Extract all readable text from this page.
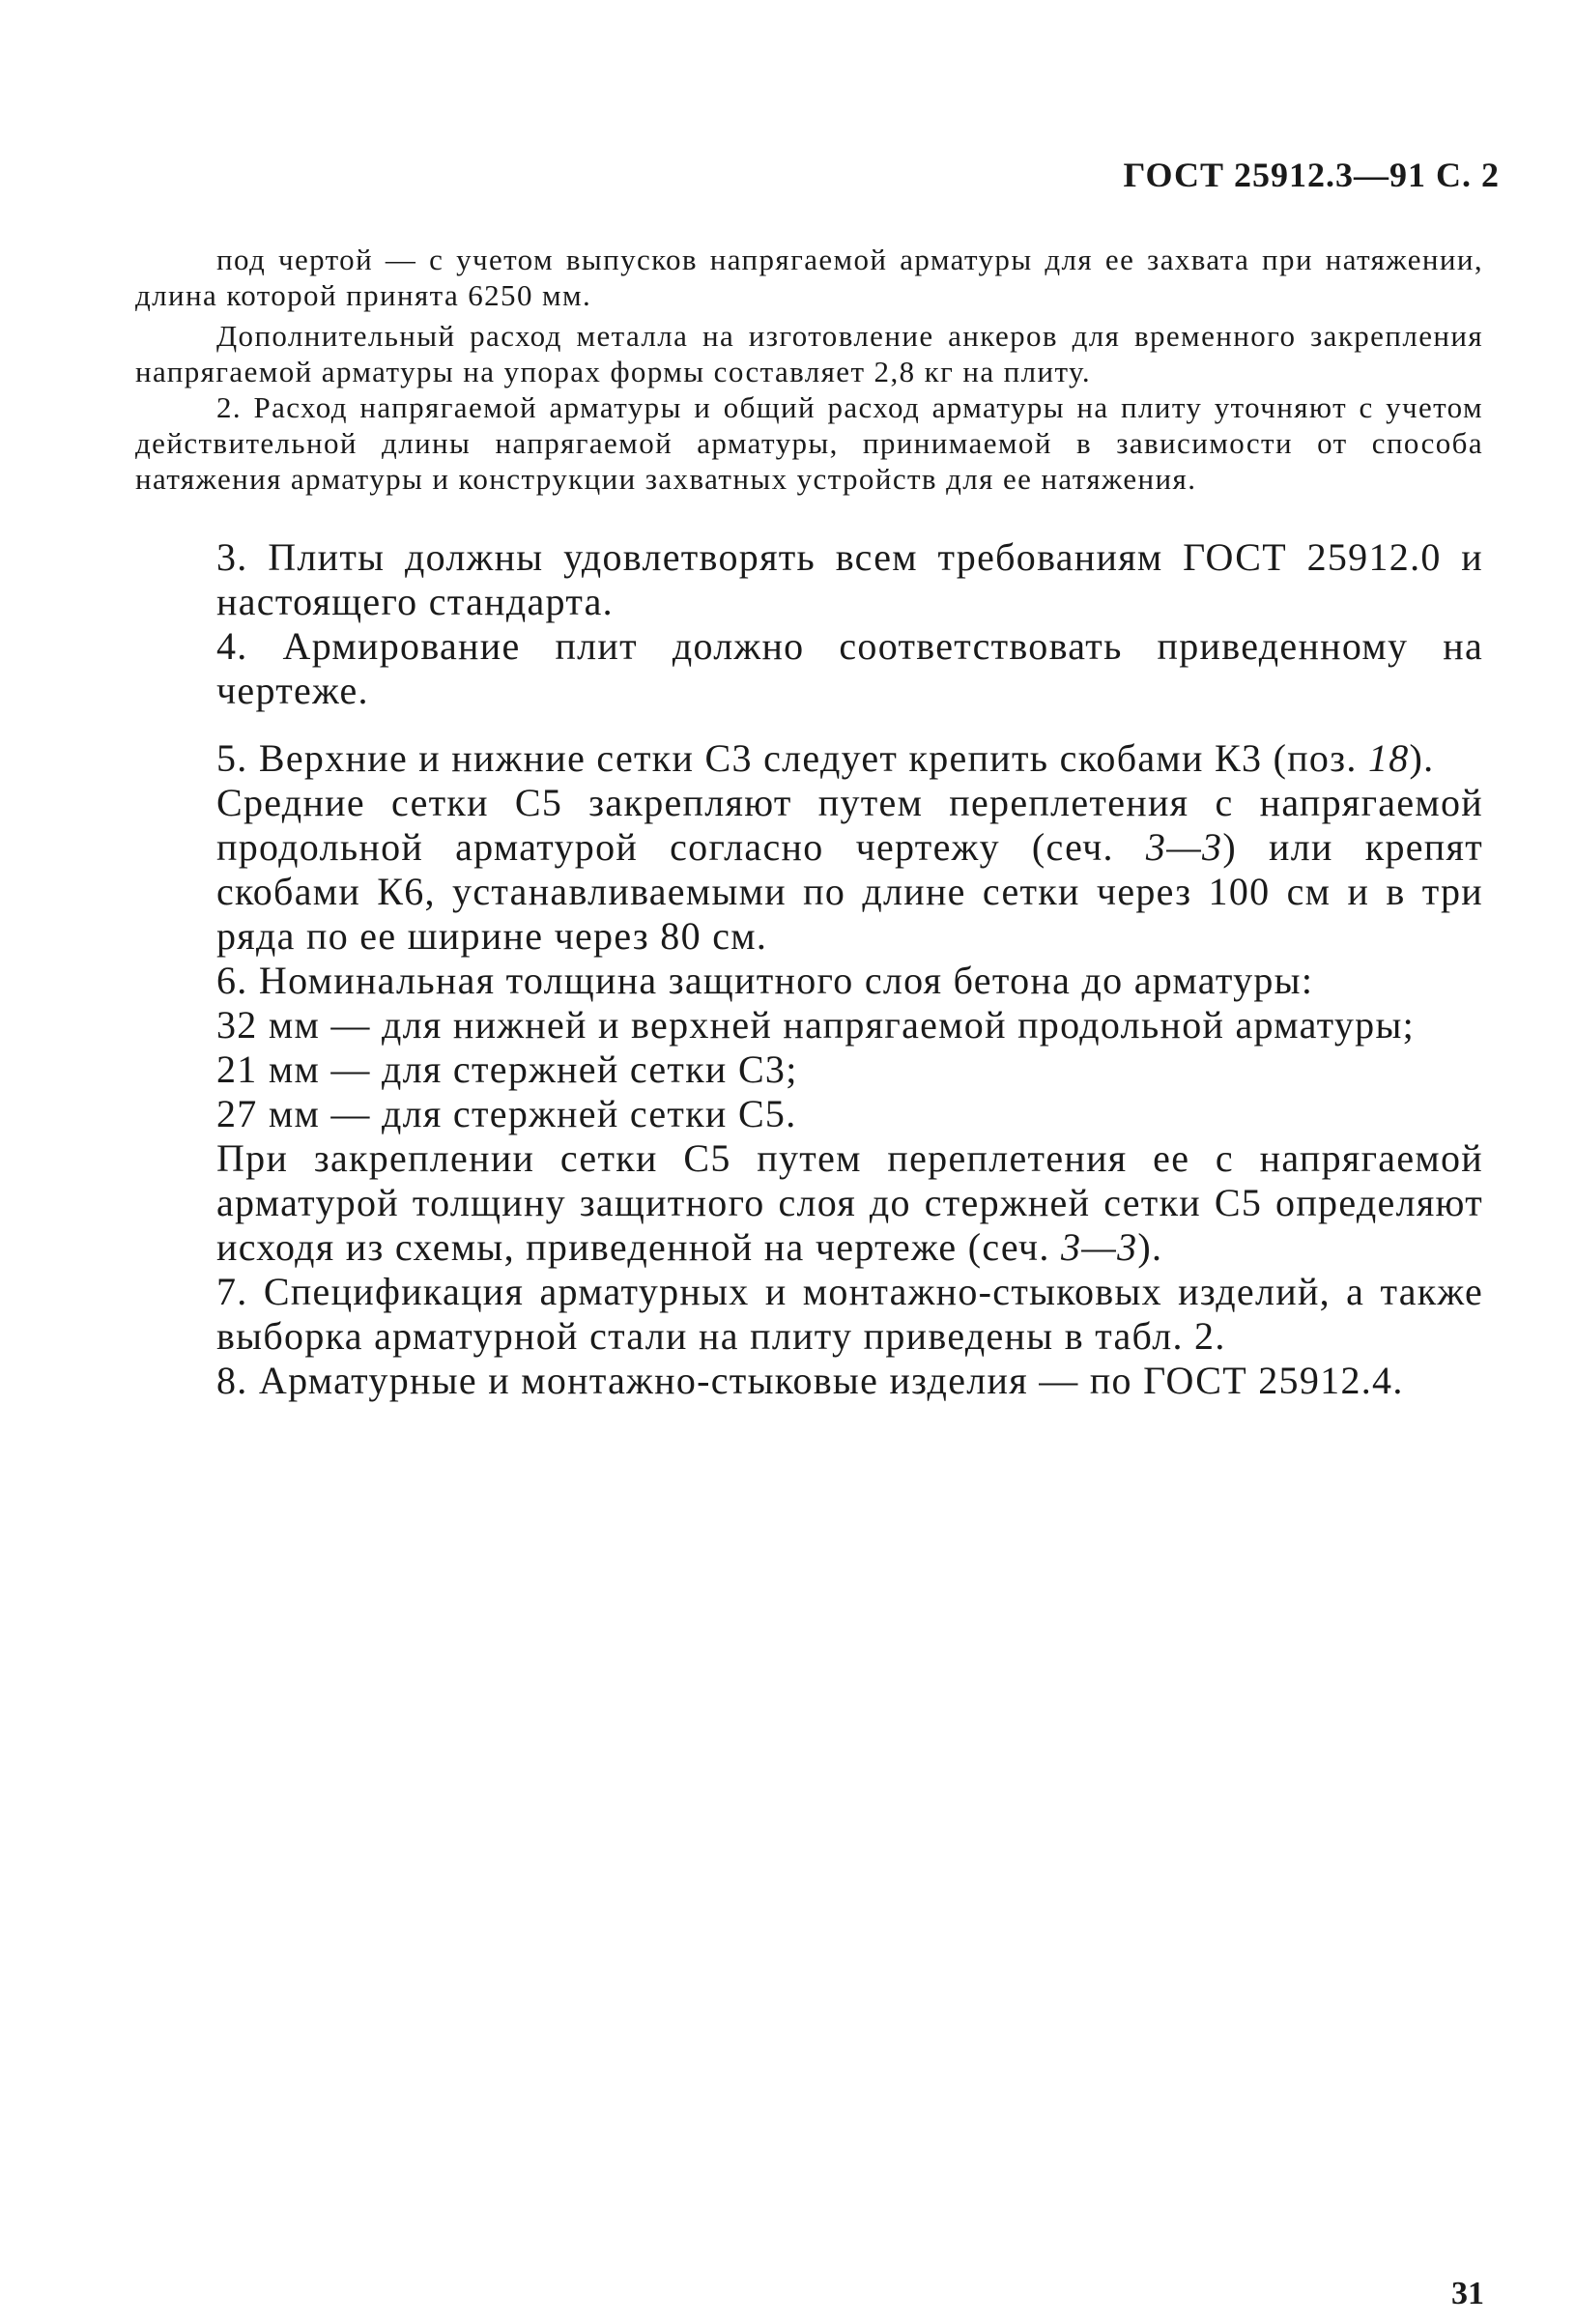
ГОСТ 25912.3—91 С. 2

под чертой — с учетом выпусков напрягаемой арматуры для ее захвата при натяжении, длина которой принята 6250 мм.

Дополнительный расход металла на изготовление анкеров для временного закрепления напрягаемой арматуры на упорах формы составляет 2,8 кг на плиту.

2. Расход напрягаемой арматуры и общий расход арматуры на плиту уточняют с учетом действительной длины напрягаемой арматуры, принимаемой в зависимости от способа натяжения арматуры и конструкции захватных устройств для ее натяжения.

3. Плиты должны удовлетворять всем требованиям ГОСТ 25912.0 и настоящего стандарта.

4. Армирование плит должно соответствовать приведенному на чертеже.

5. Верхние и нижние сетки С3 следует крепить скобами К3 (поз. 18).

Средние сетки С5 закрепляют путем переплетения с напрягаемой продольной арматурой согласно чертежу (сеч. 3—3) или крепят скобами К6, устанавливаемыми по длине сетки через 100 см и в три ряда по ее ширине через 80 см.

6. Номинальная толщина защитного слоя бетона до арматуры:

32 мм — для нижней и верхней напрягаемой продольной арматуры;

21 мм — для стержней сетки С3;

27 мм — для стержней сетки С5.

При закреплении сетки С5 путем переплетения ее с напрягаемой арматурой толщину защитного слоя до стержней сетки С5 определяют исходя из схемы, приведенной на чертеже (сеч. 3—3).

7. Спецификация арматурных и монтажно-стыковых изделий, а также выборка арматурной стали на плиту приведены в табл. 2.

8. Арматурные и монтажно-стыковые изделия — по ГОСТ 25912.4.

31
